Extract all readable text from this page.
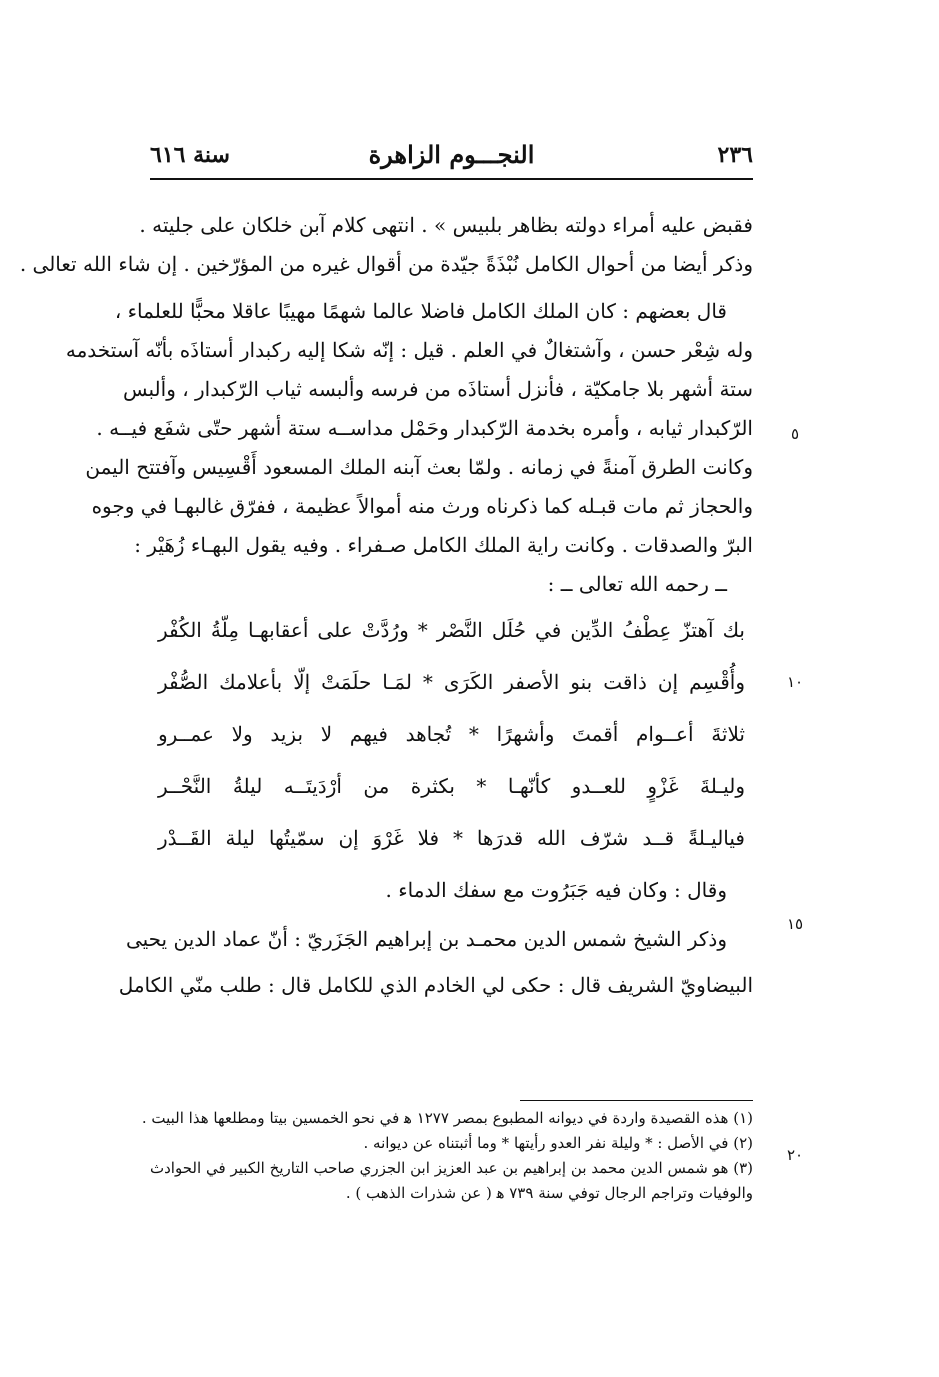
٢٣٦
النجـــوم الزاهرة
سنة ٦١٦
فقبض عليه أمراء دولته بظاهر بلبيس » . انتهى كلام آبن خلكان على جليته .
وذكر أيضا من أحوال الكامل نُبْذَةً جيّدة من أقوال غيره من المؤرّخين . إن شاء الله تعالى .
قال بعضهم : كان الملك الكامل فاضلا عالما شهمًا مهيبًا عاقلا محبًّا للعلماء ،
وله شِعْر حسن ، وآشتغالٌ في العلم . قيل : إنّه شكا إليه ركبدار أستاذَه بأنّه آستخدمه
ستة أشهر بلا جامكيّة ، فأنزل أستاذَه من فرسه وألبسه ثياب الرّكبدار ، وألبس
الرّكبدار ثيابه ، وأمره بخدمة الرّكبدار وحَمْل مداســه ستة أشهر حتّى شفَع فيــه .
وكانت الطرق آمنةً في زمانه . ولمّا بعث آبنه الملك المسعود أَقْسِيس وآفتتح اليمن
والحجاز ثم مات قبـله كما ذكرناه ورث منه أموالاً عظيمة ، ففرّق غالبهـا في وجوه
البرّ والصدقات . وكانت راية الملك الكامل صـفراء . وفيه يقول البهـاء زُهَيْر :
ــ رحمه الله تعالى ــ :
بك آهتزّ عِطْفُ الدِّين في حُلَل النَّصْر * ورُدَّتْ على أعقابهـا مِلّةُ الكُفْر
وأُقْسِم إن ذاقت بنو الأصفر الكَرَى * لمَـا حلَمَتْ إلّا بأعلامك الصُّفْر
ثلاثةَ أعــوام أقمتَ وأشهرًا * تُجاهد فيهم لا بزيد ولا عمــرو
وليـلةَ غَزْوٍ للعــدو كأنّهـا * بكثرة من أرْدَيتَــه ليلةُ النَّحْــر
فياليـلةً قــد شرّف الله قدرَها * فلا غَرْوَ إن سمّيتُها ليلة القَــدْر
وقال : وكان فيه جَبَرُوت مع سفك الدماء .
وذكر الشيخ شمس الدين محمـد بن إبراهيم الجَزَريّ : أنّ عماد الدين يحيى
البيضاويّ الشريف قال : حكى لي الخادم الذي للكامل قال : طلب منّي الكامل
(١) هذه القصيدة واردة في ديوانه المطبوع بمصر ١٢٧٧ ﻫ في نحو الخمسين بيتا ومطلعها هذا البيت .
(٢) في الأصل : * وليلة نفر العدو رأيتها * وما أثبتناه عن ديوانه .
(٣) هو شمس الدين محمد بن إبراهيم بن عبد العزيز ابن الجزري صاحب التاريخ الكبير في الحوادث
والوفيات وتراجم الرجال توفي سنة ٧٣٩ ﻫ ( عن شذرات الذهب ) .
٥
١٠
١٥
٢٠
